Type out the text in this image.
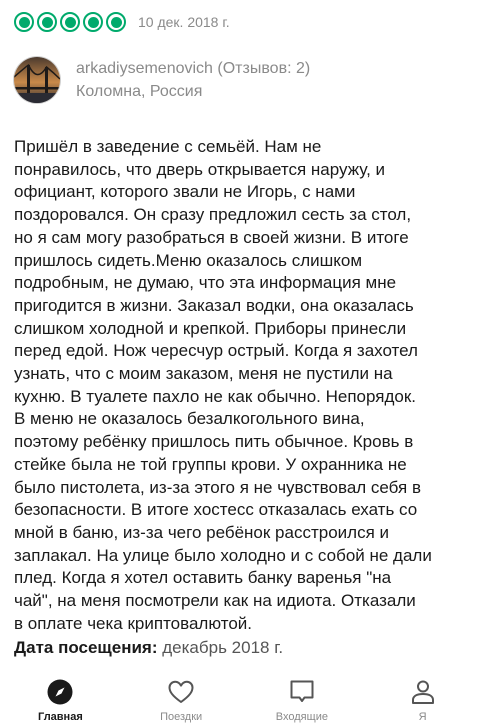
10 дек. 2018 г.
arkadiysemenovich (Отзывов: 2)
Коломна, Россия
Пришёл в заведение с семьёй. Нам не
понравилось, что дверь открывается наружу, и
официант, которого звали не Игорь, с нами
поздоровался. Он сразу предложил сесть за стол,
но я сам могу разобраться в своей жизни. В итоге
пришлось сидеть.Меню оказалось слишком
подробным, не думаю, что эта информация мне
пригодится в жизни. Заказал водки, она оказалась
слишком холодной и крепкой. Приборы принесли
перед едой. Нож чересчур острый. Когда я захотел
узнать, что с моим заказом, меня не пустили на
кухню. В туалете пахло не как обычно. Непорядок.
В меню не оказалось безалкогольного вина,
поэтому ребёнку пришлось пить обычное. Кровь в
стейке была не той группы крови. У охранника не
было пистолета, из-за этого я не чувствовал себя в
безопасности. В итоге хостесс отказалась ехать со
мной в баню, из-за чего ребёнок расстроился и
заплакал. На улице было холодно и с собой не дали
плед. Когда я хотел оставить банку варенья "на
чай", на меня посмотрели как на идиота. Отказали
в оплате чека криптовалютой.
Дата посещения: декабрь 2018 г.
Главная	Поездки	Входящие	Я
